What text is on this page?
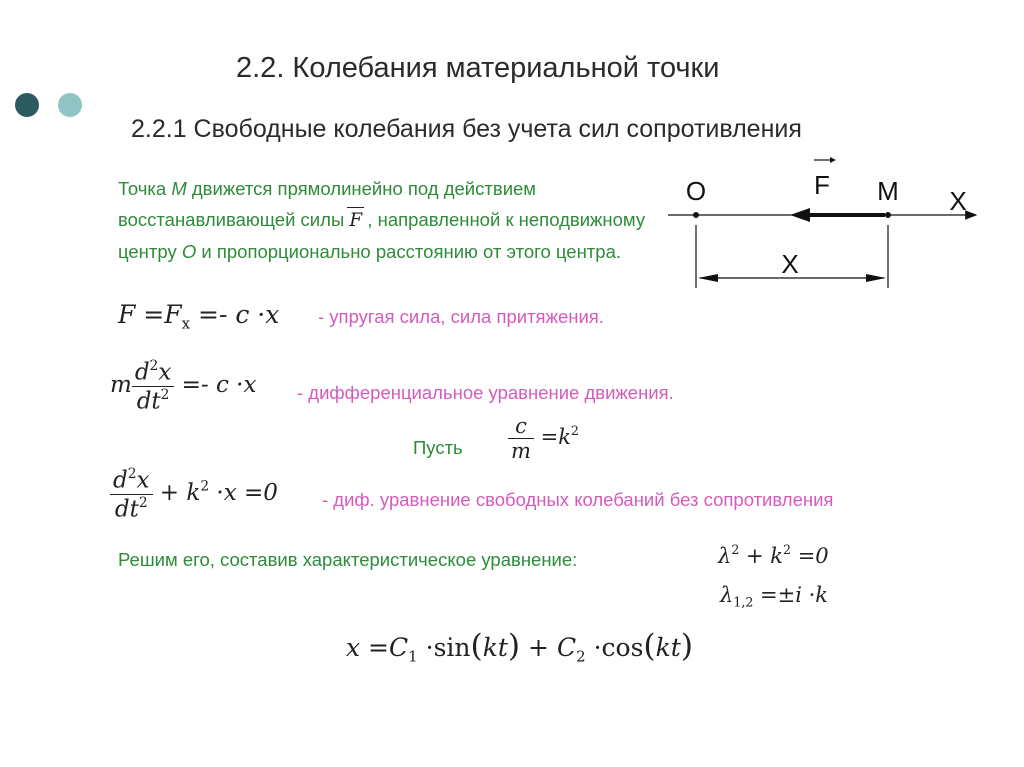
2.2. Колебания материальной точки
2.2.1 Свободные колебания без учета сил сопротивления
Точка M движется прямолинейно под действием восстанавливающей силы
F , направленной к неподвижному центру O и пропорционально расстоянию от этого центра.
O	F M X
X
$F =F_x =- c \cdot x$ - упругая сила, сила притяжения.
m $\frac{d^2x}{dt^2} =- c \cdot x$ - дифференциальное уравнение движения.
Пусть $\frac{c}{m} =k^2$
$\frac{d^2x}{dt^2} + k^2 \cdot x =0$ - диф. уравнение свободных колебаний без сопротивления
Решим его, составив характеристическое уравнение:	$\lambda^2 + k^2 =0$
$\lambda_{1,2} =\pm i \cdot k$
$x =C_1 \cdot\sin(kt) + C_2 \cdot\cos(kt)$
